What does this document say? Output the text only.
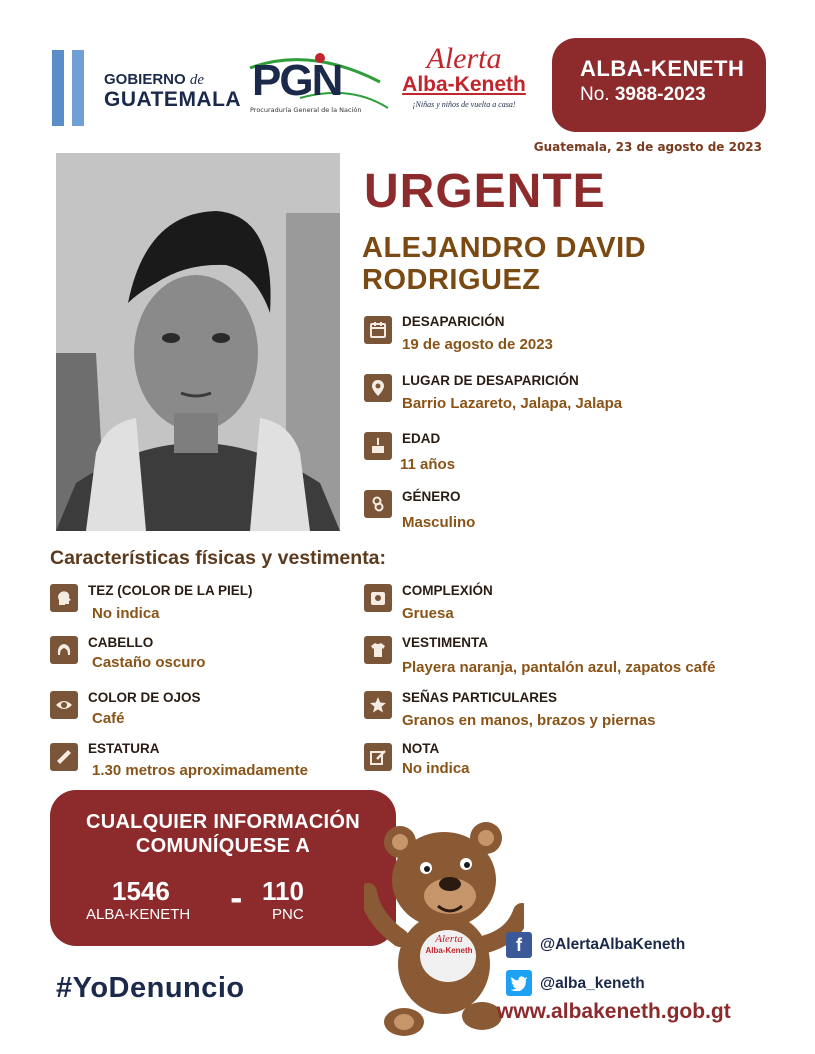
GOBIERNO de
GUATEMALA PGN
Procuraduría General de la Nación
Alerta
Alba-Keneth
¡Niñas y niños de vuelta a casa!
ALBA-KENETH
No. 3988-2023
Guatemala, 23 de agosto de 2023
URGENTE
ALEJANDRO DAVID
RODRIGUEZ
DESAPARICIÓN
19 de agosto de 2023
LUGAR DE DESAPARICIÓN
Barrio Lazareto, Jalapa, Jalapa
EDAD
11 años
GÉNERO
Masculino
Características físicas y vestimenta:
TEZ (COLOR DE LA PIEL)
No indica
CABELLO
Castaño oscuro
COLOR DE OJOS
Café
ESTATURA
1.30 metros aproximadamente
COMPLEXIÓN
Gruesa
VESTIMENTA
Playera naranja, pantalón azul, zapatos café
SEÑAS PARTICULARES
Granos en manos, brazos y piernas
NOTA
No indica
CUALQUIER INFORMACIÓN
COMUNÍQUESE A
1546
ALBA-KENETH - 110
PNC
#YoDenuncio
Alerta
Alba-Keneth	f	@AlertaAlbaKeneth
@alba_keneth
www.albakeneth.gob.gt
